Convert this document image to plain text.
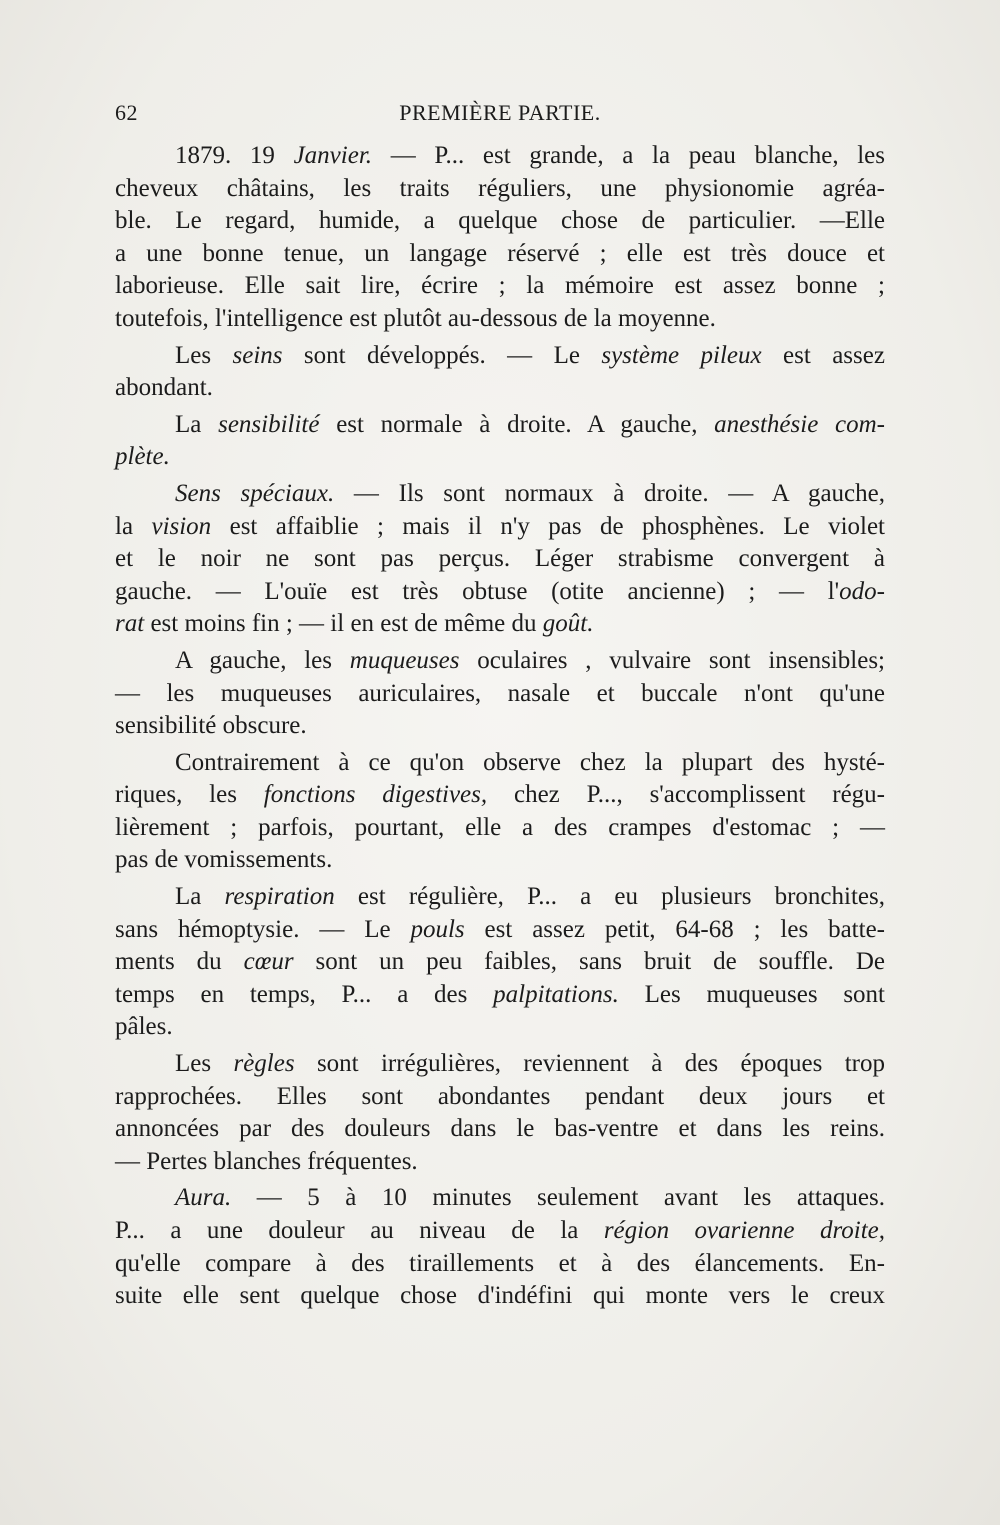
62	PREMIÈRE PARTIE.
1879. 19 Janvier. — P... est grande, a la peau blanche, les
cheveux châtains, les traits réguliers, une physionomie agréa-
ble. Le regard, humide, a quelque chose de particulier. —Elle
a une bonne tenue, un langage réservé ; elle est très douce et
laborieuse. Elle sait lire, écrire ; la mémoire est assez bonne ;
toutefois, l'intelligence est plutôt au-dessous de la moyenne.
Les seins sont développés. — Le système pileux est assez
abondant.
La sensibilité est normale à droite. A gauche, anesthésie com-
plète.
Sens spéciaux. — Ils sont normaux à droite. — A gauche,
la vision est affaiblie ; mais il n'y pas de phosphènes. Le violet
et le noir ne sont pas perçus. Léger strabisme convergent à
gauche. — L'ouïe est très obtuse (otite ancienne) ; — l'odo-
rat est moins fin ; — il en est de même du goût.
A gauche, les muqueuses oculaires , vulvaire sont insensibles;
— les muqueuses auriculaires, nasale et buccale n'ont qu'une
sensibilité obscure.
Contrairement à ce qu'on observe chez la plupart des hysté-
riques, les fonctions digestives, chez P..., s'accomplissent régu-
lièrement ; parfois, pourtant, elle a des crampes d'estomac ; —
pas de vomissements.
La respiration est régulière, P... a eu plusieurs bronchites,
sans hémoptysie. — Le pouls est assez petit, 64-68 ; les batte-
ments du cœur sont un peu faibles, sans bruit de souffle. De
temps en temps, P... a des palpitations. Les muqueuses sont
pâles.
Les règles sont irrégulières, reviennent à des époques trop
rapprochées. Elles sont abondantes pendant deux jours et
annoncées par des douleurs dans le bas-ventre et dans les reins.
— Pertes blanches fréquentes.
Aura. — 5 à 10 minutes seulement avant les attaques.
P... a une douleur au niveau de la région ovarienne droite,
qu'elle compare à des tiraillements et à des élancements. En-
suite elle sent quelque chose d'indéfini qui monte vers le creux
